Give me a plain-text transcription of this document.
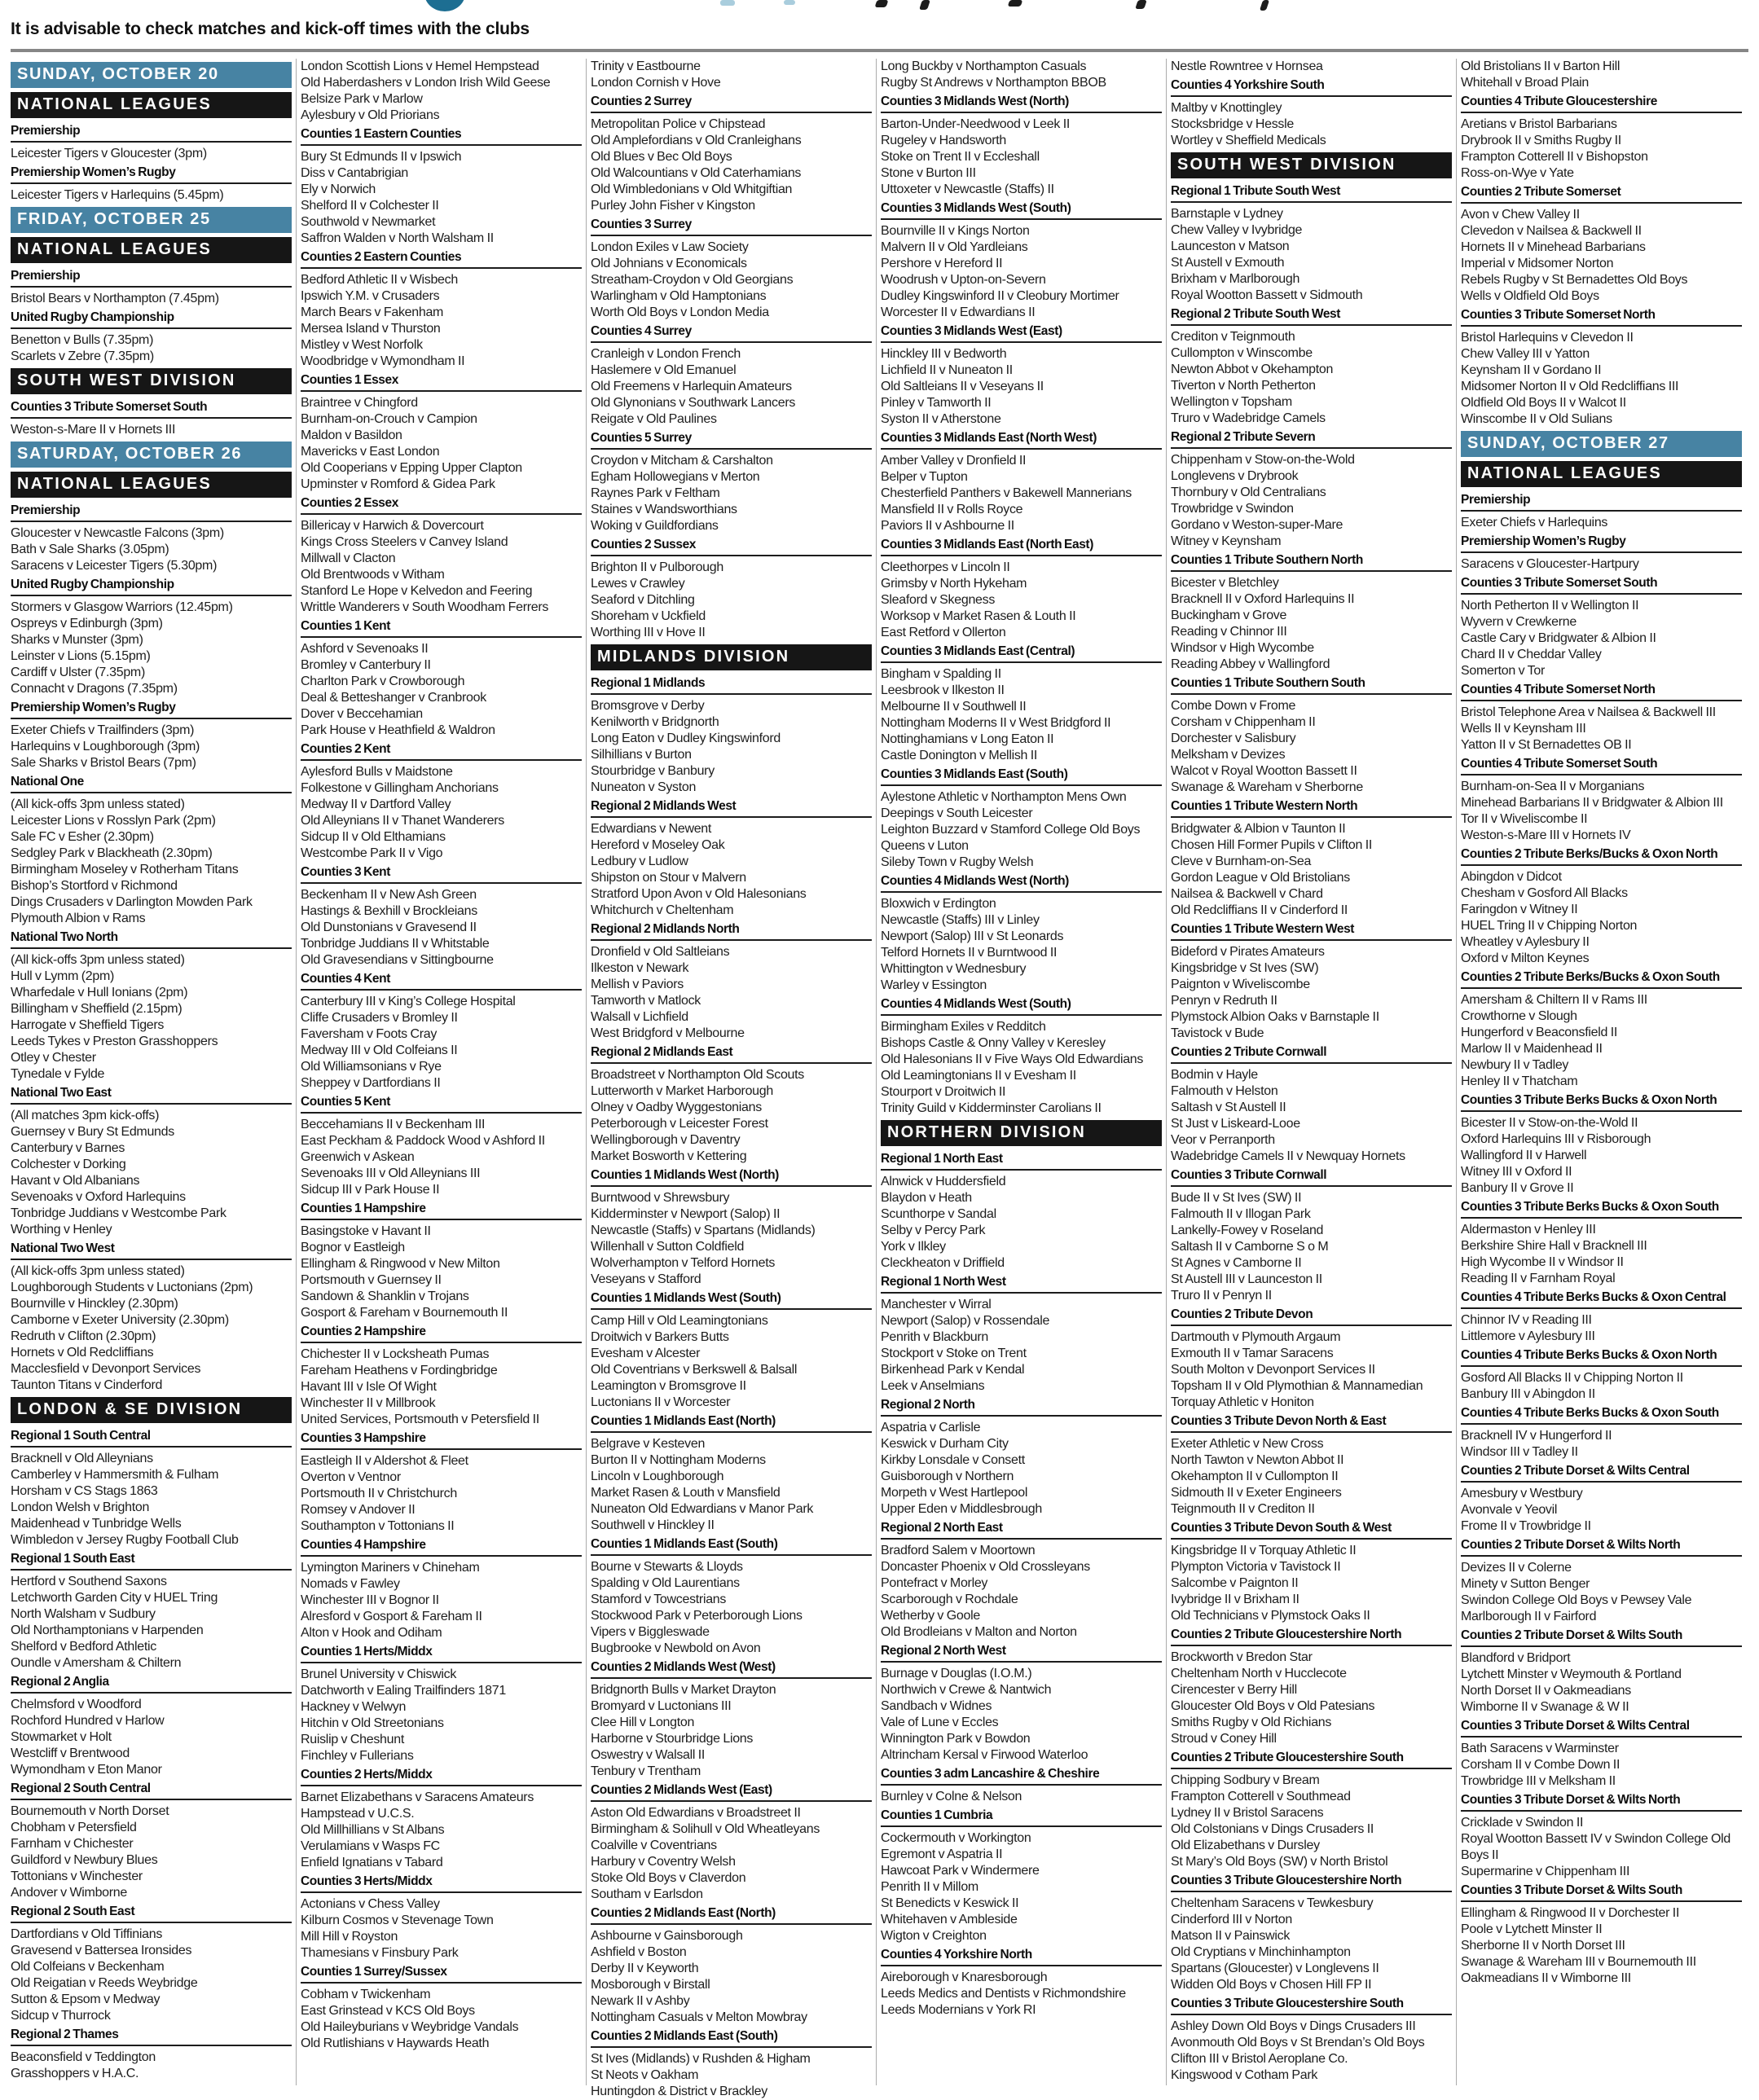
It is advisable to check matches and kick-off times with the clubs
SUNDAY, OCTOBER 20
NATIONAL LEAGUES
Premiership
Leicester Tigers v Gloucester (3pm)
Premiership Women’s Rugby
Leicester Tigers v Harlequins (5.45pm)
FRIDAY, OCTOBER 25
NATIONAL LEAGUES
Premiership
Bristol Bears v Northampton (7.45pm)
United Rugby Championship
Benetton v Bulls (7.35pm)
Scarlets v Zebre (7.35pm)
SOUTH WEST DIVISION
Counties 3 Tribute Somerset South
Weston-s-Mare II v Hornets III
SATURDAY, OCTOBER 26
NATIONAL LEAGUES
Premiership
Gloucester v Newcastle Falcons (3pm)
Bath v Sale Sharks (3.05pm)
Saracens v Leicester Tigers (5.30pm)
United Rugby Championship
Stormers v Glasgow Warriors (12.45pm)
Ospreys v Edinburgh (3pm)
Sharks v Munster (3pm)
Leinster v Lions (5.15pm)
Cardiff v Ulster (7.35pm)
Connacht v Dragons (7.35pm)
Premiership Women’s Rugby
Exeter Chiefs v Trailfinders (3pm)
Harlequins v Loughborough (3pm)
Sale Sharks v Bristol Bears (7pm)
National One
(All kick-offs 3pm unless stated)
Leicester Lions v Rosslyn Park (2pm)
Sale FC v Esher (2.30pm)
Sedgley Park v Blackheath (2.30pm)
Birmingham Moseley v Rotherham Titans
Bishop’s Stortford v Richmond
Dings Crusaders v Darlington Mowden Park
Plymouth Albion v Rams
National Two North
(All kick-offs 3pm unless stated)
Hull v Lymm (2pm)
Wharfedale v Hull Ionians (2pm)
Billingham v Sheffield (2.15pm)
Harrogate v Sheffield Tigers
Leeds Tykes v Preston Grasshoppers
Otley v Chester
Tynedale v Fylde
National Two East
(All matches 3pm kick-offs)
Guernsey v Bury St Edmunds
Canterbury v Barnes
Colchester v Dorking
Havant v Old Albanians
Sevenoaks v Oxford Harlequins
Tonbridge Juddians v Westcombe Park
Worthing v Henley
National Two West
(All kick-offs 3pm unless stated)
Loughborough Students v Luctonians (2pm)
Bournville v Hinckley (2.30pm)
Camborne v Exeter University (2.30pm)
Redruth v Clifton (2.30pm)
Hornets v Old Redcliffians
Macclesfield v Devonport Services
Taunton Titans v Cinderford
LONDON & SE DIVISION
Regional 1 South Central
Bracknell v Old Alleynians
Camberley v Hammersmith & Fulham
Horsham v CS Stags 1863
London Welsh v Brighton
Maidenhead v Tunbridge Wells
Wimbledon v Jersey Rugby Football Club
Regional 1 South East
Hertford v Southend Saxons
Letchworth Garden City v HUEL Tring
North Walsham v Sudbury
Old Northamptonians v Harpenden
Shelford v Bedford Athletic
Oundle v Amersham & Chiltern
Regional 2 Anglia
Chelmsford v Woodford
Rochford Hundred v Harlow
Stowmarket v Holt
Westcliff v Brentwood
Wymondham v Eton Manor
Regional 2 South Central
Bournemouth v North Dorset
Chobham v Petersfield
Farnham v Chichester
Guildford v Newbury Blues
Tottonians v Winchester
Andover v Wimborne
Regional 2 South East
Dartfordians v Old Tiffinians
Gravesend v Battersea Ironsides
Old Colfeians v Beckenham
Old Reigatian v Reeds Weybridge
Sutton & Epsom v Medway
Sidcup v Thurrock
Regional 2 Thames
Beaconsfield v Teddington
Grasshoppers v H.A.C.
London Scottish Lions v Hemel Hempstead
Old Haberdashers v London Irish Wild Geese
Belsize Park v Marlow
Aylesbury v Old Priorians
Counties 1 Eastern Counties
Bury St Edmunds II v Ipswich
Diss v Cantabrigian
Ely v Norwich
Shelford II v Colchester II
Southwold v Newmarket
Saffron Walden v North Walsham II
Counties 2 Eastern Counties
Bedford Athletic II v Wisbech
Ipswich Y.M. v Crusaders
March Bears v Fakenham
Mersea Island v Thurston
Mistley v West Norfolk
Woodbridge v Wymondham II
Counties 1 Essex
Braintree v Chingford
Burnham-on-Crouch v Campion
Maldon v Basildon
Mavericks v East London
Old Cooperians v Epping Upper Clapton
Upminster v Romford & Gidea Park
Counties 2 Essex
Billericay v Harwich & Dovercourt
Kings Cross Steelers v Canvey Island
Millwall v Clacton
Old Brentwoods v Witham
Stanford Le Hope v Kelvedon and Feering
Writtle Wanderers v South Woodham Ferrers
Counties 1 Kent
Ashford v Sevenoaks II
Bromley v Canterbury II
Charlton Park v Crowborough
Deal & Betteshanger v Cranbrook
Dover v Beccehamian
Park House v Heathfield & Waldron
Counties 2 Kent
Aylesford Bulls v Maidstone
Folkestone v Gillingham Anchorians
Medway II v Dartford Valley
Old Alleynians II v Thanet Wanderers
Sidcup II v Old Elthamians
Westcombe Park II v Vigo
Counties 3 Kent
Beckenham II v New Ash Green
Hastings & Bexhill v Brockleians
Old Dunstonians v Gravesend II
Tonbridge Juddians II v Whitstable
Old Gravesendians v Sittingbourne
Counties 4 Kent
Canterbury III v King’s College Hospital
Cliffe Crusaders v Bromley II
Faversham v Foots Cray
Medway III v Old Colfeians II
Old Williamsonians v Rye
Sheppey v Dartfordians II
Counties 5 Kent
Beccehamians II v Beckenham III
East Peckham & Paddock Wood v Ashford II
Greenwich v Askean
Sevenoaks III v Old Alleynians III
Sidcup III v Park House II
Counties 1 Hampshire
Basingstoke v Havant II
Bognor v Eastleigh
Ellingham & Ringwood v New Milton
Portsmouth v Guernsey II
Sandown & Shanklin v Trojans
Gosport & Fareham v Bournemouth II
Counties 2 Hampshire
Chichester II v Locksheath Pumas
Fareham Heathens v Fordingbridge
Havant III v Isle Of Wight
Winchester II v Millbrook
United Services, Portsmouth v Petersfield II
Counties 3 Hampshire
Eastleigh II v Aldershot & Fleet
Overton v Ventnor
Portsmouth II v Christchurch
Romsey v Andover II
Southampton v Tottonians II
Counties 4 Hampshire
Lymington Mariners v Chineham
Nomads v Fawley
Winchester III v Bognor II
Alresford v Gosport & Fareham II
Alton v Hook and Odiham
Counties 1 Herts/Middx
Brunel University v Chiswick
Datchworth v Ealing Trailfinders 1871
Hackney v Welwyn
Hitchin v Old Streetonians
Ruislip v Cheshunt
Finchley v Fullerians
Counties 2 Herts/Middx
Barnet Elizabethans v Saracens Amateurs
Hampstead v U.C.S.
Old Millhillians v St Albans
Verulamians v Wasps FC
Enfield Ignatians v Tabard
Counties 3 Herts/Middx
Actonians v Chess Valley
Kilburn Cosmos v Stevenage Town
Mill Hill v Royston
Thamesians v Finsbury Park
Counties 1 Surrey/Sussex
Cobham v Twickenham
East Grinstead v KCS Old Boys
Old Haileyburians v Weybridge Vandals
Old Rutlishians v Haywards Heath
Trinity v Eastbourne
London Cornish v Hove
Counties 2 Surrey
Metropolitan Police v Chipstead
Old Amplefordians v Old Cranleighans
Old Blues v Bec Old Boys
Old Walcountians v Old Caterhamians
Old Wimbledonians v Old Whitgiftian
Purley John Fisher v Kingston
Counties 3 Surrey
London Exiles v Law Society
Old Johnians v Economicals
Streatham-Croydon v Old Georgians
Warlingham v Old Hamptonians
Worth Old Boys v London Media
Counties 4 Surrey
Cranleigh v London French
Haslemere v Old Emanuel
Old Freemens v Harlequin Amateurs
Old Glynonians v Southwark Lancers
Reigate v Old Paulines
Counties 5 Surrey
Croydon v Mitcham & Carshalton
Egham Hollowegians v Merton
Raynes Park v Feltham
Staines v Wandsworthians
Woking v Guildfordians
Counties 2 Sussex
Brighton II v Pulborough
Lewes v Crawley
Seaford v Ditchling
Shoreham v Uckfield
Worthing III v Hove II
MIDLANDS DIVISION
Regional 1 Midlands
Bromsgrove v Derby
Kenilworth v Bridgnorth
Long Eaton v Dudley Kingswinford
Silhillians v Burton
Stourbridge v Banbury
Nuneaton v Syston
Regional 2 Midlands West
Edwardians v Newent
Hereford v Moseley Oak
Ledbury v Ludlow
Shipston on Stour v Malvern
Stratford Upon Avon v Old Halesonians
Whitchurch v Cheltenham
Regional 2 Midlands North
Dronfield v Old Saltleians
Ilkeston v Newark
Mellish v Paviors
Tamworth v Matlock
Walsall v Lichfield
West Bridgford v Melbourne
Regional 2 Midlands East
Broadstreet v Northampton Old Scouts
Lutterworth v Market Harborough
Olney v Oadby Wyggestonians
Peterborough v Leicester Forest
Wellingborough v Daventry
Market Bosworth v Kettering
Counties 1 Midlands West (North)
Burntwood v Shrewsbury
Kidderminster v Newport (Salop) II
Newcastle (Staffs) v Spartans (Midlands)
Willenhall v Sutton Coldfield
Wolverhampton v Telford Hornets
Veseyans v Stafford
Counties 1 Midlands West (South)
Camp Hill v Old Leamingtonians
Droitwich v Barkers Butts
Evesham v Alcester
Old Coventrians v Berkswell & Balsall
Leamington v Bromsgrove II
Luctonians II v Worcester
Counties 1 Midlands East (North)
Belgrave v Kesteven
Burton II v Nottingham Moderns
Lincoln v Loughborough
Market Rasen & Louth v Mansfield
Nuneaton Old Edwardians v Manor Park
Southwell v Hinckley II
Counties 1 Midlands East (South)
Bourne v Stewarts & Lloyds
Spalding v Old Laurentians
Stamford v Towcestrians
Stockwood Park v Peterborough Lions
Vipers v Biggleswade
Bugbrooke v Newbold on Avon
Counties 2 Midlands West (West)
Bridgnorth Bulls v Market Drayton
Bromyard v Luctonians III
Clee Hill v Longton
Harborne v Stourbridge Lions
Oswestry v Walsall II
Tenbury v Trentham
Counties 2 Midlands West (East)
Aston Old Edwardians v Broadstreet II
Birmingham & Solihull v Old Wheatleyans
Coalville v Coventrians
Harbury v Coventry Welsh
Stoke Old Boys v Claverdon
Southam v Earlsdon
Counties 2 Midlands East (North)
Ashbourne v Gainsborough
Ashfield v Boston
Derby II v Keyworth
Mosborough v Birstall
Newark II v Ashby
Nottingham Casuals v Melton Mowbray
Counties 2 Midlands East (South)
St Ives (Midlands) v Rushden & Higham
St Neots v Oakham
Huntingdon & District v Brackley
Long Buckby v Northampton Casuals
Rugby St Andrews v Northampton BBOB
Counties 3 Midlands West (North)
Barton-Under-Needwood v Leek II
Rugeley v Handsworth
Stoke on Trent II v Eccleshall
Stone v Burton III
Uttoxeter v Newcastle (Staffs) II
Counties 3 Midlands West (South)
Bournville II v Kings Norton
Malvern II v Old Yardleians
Pershore v Hereford II
Woodrush v Upton-on-Severn
Dudley Kingswinford II v Cleobury Mortimer
Worcester II v Edwardians II
Counties 3 Midlands West (East)
Hinckley III v Bedworth
Lichfield II v Nuneaton II
Old Saltleians II v Veseyans II
Pinley v Tamworth II
Syston II v Atherstone
Counties 3 Midlands East (North West)
Amber Valley v Dronfield II
Belper v Tupton
Chesterfield Panthers v Bakewell Mannerians
Mansfield II v Rolls Royce
Paviors II v Ashbourne II
Counties 3 Midlands East (North East)
Cleethorpes v Lincoln II
Grimsby v North Hykeham
Sleaford v Skegness
Worksop v Market Rasen & Louth II
East Retford v Ollerton
Counties 3 Midlands East (Central)
Bingham v Spalding II
Leesbrook v Ilkeston II
Melbourne II v Southwell II
Nottingham Moderns II v West Bridgford II
Nottinghamians v Long Eaton II
Castle Donington v Mellish II
Counties 3 Midlands East (South)
Aylestone Athletic v Northampton Mens Own
Deepings v South Leicester
Leighton Buzzard v Stamford College Old Boys
Queens v Luton
Sileby Town v Rugby Welsh
Counties 4 Midlands West (North)
Bloxwich v Erdington
Newcastle (Staffs) III v Linley
Newport (Salop) III v St Leonards
Telford Hornets II v Burntwood II
Whittington v Wednesbury
Warley v Essington
Counties 4 Midlands West (South)
Birmingham Exiles v Redditch
Bishops Castle & Onny Valley v Keresley
Old Halesonians II v Five Ways Old Edwardians
Old Leamingtonians II v Evesham II
Stourport v Droitwich II
Trinity Guild v Kidderminster Carolians II
NORTHERN DIVISION
Regional 1 North East
Alnwick v Huddersfield
Blaydon v Heath
Scunthorpe v Sandal
Selby v Percy Park
York v Ilkley
Cleckheaton v Driffield
Regional 1 North West
Manchester v Wirral
Newport (Salop) v Rossendale
Penrith v Blackburn
Stockport v Stoke on Trent
Birkenhead Park v Kendal
Leek v Anselmians
Regional 2 North
Aspatria v Carlisle
Keswick v Durham City
Kirkby Lonsdale v Consett
Guisborough v Northern
Morpeth v West Hartlepool
Upper Eden v Middlesbrough
Regional 2 North East
Bradford Salem v Moortown
Doncaster Phoenix v Old Crossleyans
Pontefract v Morley
Scarborough v Rochdale
Wetherby v Goole
Old Brodleians v Malton and Norton
Regional 2 North West
Burnage v Douglas (I.O.M.)
Northwich v Crewe & Nantwich
Sandbach v Widnes
Vale of Lune v Eccles
Winnington Park v Bowdon
Altrincham Kersal v Firwood Waterloo
Counties 3 adm Lancashire & Cheshire
Burnley v Colne & Nelson
Counties 1 Cumbria
Cockermouth v Workington
Egremont v Aspatria II
Hawcoat Park v Windermere
Penrith II v Millom
St Benedicts v Keswick II
Whitehaven v Ambleside
Wigton v Creighton
Counties 4 Yorkshire North
Aireborough v Knaresborough
Leeds Medics and Dentists v Richmondshire
Leeds Modernians v York RI
Nestle Rowntree v Hornsea
Counties 4 Yorkshire South
Maltby v Knottingley
Stocksbridge v Hessle
Wortley v Sheffield Medicals
SOUTH WEST DIVISION
Regional 1 Tribute South West
Barnstaple v Lydney
Chew Valley v Ivybridge
Launceston v Matson
St Austell v Exmouth
Brixham v Marlborough
Royal Wootton Bassett v Sidmouth
Regional 2 Tribute South West
Crediton v Teignmouth
Cullompton v Winscombe
Newton Abbot v Okehampton
Tiverton v North Petherton
Wellington v Topsham
Truro v Wadebridge Camels
Regional 2 Tribute Severn
Chippenham v Stow-on-the-Wold
Longlevens v Drybrook
Thornbury v Old Centralians
Trowbridge v Swindon
Gordano v Weston-super-Mare
Witney v Keynsham
Counties 1 Tribute Southern North
Bicester v Bletchley
Bracknell II v Oxford Harlequins II
Buckingham v Grove
Reading v Chinnor III
Windsor v High Wycombe
Reading Abbey v Wallingford
Counties 1 Tribute Southern South
Combe Down v Frome
Corsham v Chippenham II
Dorchester v Salisbury
Melksham v Devizes
Walcot v Royal Wootton Bassett II
Swanage & Wareham v Sherborne
Counties 1 Tribute Western North
Bridgwater & Albion v Taunton II
Chosen Hill Former Pupils v Clifton II
Cleve v Burnham-on-Sea
Gordon League v Old Bristolians
Nailsea & Backwell v Chard
Old Redcliffians II v Cinderford II
Counties 1 Tribute Western West
Bideford v Pirates Amateurs
Kingsbridge v St Ives (SW)
Paignton v Wiveliscombe
Penryn v Redruth II
Plymstock Albion Oaks v Barnstaple II
Tavistock v Bude
Counties 2 Tribute Cornwall
Bodmin v Hayle
Falmouth v Helston
Saltash v St Austell II
St Just v Liskeard-Looe
Veor v Perranporth
Wadebridge Camels II v Newquay Hornets
Counties 3 Tribute Cornwall
Bude II v St Ives (SW) II
Falmouth II v Illogan Park
Lankelly-Fowey v Roseland
Saltash II v Camborne S o M
St Agnes v Camborne II
St Austell III v Launceston II
Truro II v Penryn II
Counties 2 Tribute Devon
Dartmouth v Plymouth Argaum
Exmouth II v Tamar Saracens
South Molton v Devonport Services II
Topsham II v Old Plymothian & Mannamedian
Torquay Athletic v Honiton
Counties 3 Tribute Devon North & East
Exeter Athletic v New Cross
North Tawton v Newton Abbot II
Okehampton II v Cullompton II
Sidmouth II v Exeter Engineers
Teignmouth II v Crediton II
Counties 3 Tribute Devon South & West
Kingsbridge II v Torquay Athletic II
Plympton Victoria v Tavistock II
Salcombe v Paignton II
Ivybridge II v Brixham II
Old Technicians v Plymstock Oaks II
Counties 2 Tribute Gloucestershire North
Brockworth v Bredon Star
Cheltenham North v Hucclecote
Cirencester v Berry Hill
Gloucester Old Boys v Old Patesians
Smiths Rugby v Old Richians
Stroud v Coney Hill
Counties 2 Tribute Gloucestershire South
Chipping Sodbury v Bream
Frampton Cotterell v Southmead
Lydney II v Bristol Saracens
Old Colstonians v Dings Crusaders II
Old Elizabethans v Dursley
St Mary’s Old Boys (SW) v North Bristol
Counties 3 Tribute Gloucestershire North
Cheltenham Saracens v Tewkesbury
Cinderford III v Norton
Matson II v Painswick
Old Cryptians v Minchinhampton
Spartans (Gloucester) v Longlevens II
Widden Old Boys v Chosen Hill FP II
Counties 3 Tribute Gloucestershire South
Ashley Down Old Boys v Dings Crusaders III
Avonmouth Old Boys v St Brendan’s Old Boys
Clifton III v Bristol Aeroplane Co.
Kingswood v Cotham Park
Old Bristolians II v Barton Hill
Whitehall v Broad Plain
Counties 4 Tribute Gloucestershire
Aretians v Bristol Barbarians
Drybrook II v Smiths Rugby II
Frampton Cotterell II v Bishopston
Ross-on-Wye v Yate
Counties 2 Tribute Somerset
Avon v Chew Valley II
Clevedon v Nailsea & Backwell II
Hornets II v Minehead Barbarians
Imperial v Midsomer Norton
Rebels Rugby v St Bernadettes Old Boys
Wells v Oldfield Old Boys
Counties 3 Tribute Somerset North
Bristol Harlequins v Clevedon II
Chew Valley III v Yatton
Keynsham II v Gordano II
Midsomer Norton II v Old Redcliffians III
Oldfield Old Boys II v Walcot II
Winscombe II v Old Sulians
SUNDAY, OCTOBER 27
NATIONAL LEAGUES
Premiership
Exeter Chiefs v Harlequins
Premiership Women’s Rugby
Saracens v Gloucester-Hartpury
Counties 3 Tribute Somerset South
North Petherton II v Wellington II
Wyvern v Crewkerne
Castle Cary v Bridgwater & Albion II
Chard II v Cheddar Valley
Somerton v Tor
Counties 4 Tribute Somerset North
Bristol Telephone Area v Nailsea & Backwell III
Wells II v Keynsham III
Yatton II v St Bernadettes OB II
Counties 4 Tribute Somerset South
Burnham-on-Sea II v Morganians
Minehead Barbarians II v Bridgwater & Albion III
Tor II v Wiveliscombe II
Weston-s-Mare III v Hornets IV
Counties 2 Tribute Berks/Bucks & Oxon North
Abingdon v Didcot
Chesham v Gosford All Blacks
Faringdon v Witney II
HUEL Tring II v Chipping Norton
Wheatley v Aylesbury II
Oxford v Milton Keynes
Counties 2 Tribute Berks/Bucks & Oxon South
Amersham & Chiltern II v Rams III
Crowthorne v Slough
Hungerford v Beaconsfield II
Marlow II v Maidenhead II
Newbury II v Tadley
Henley II v Thatcham
Counties 3 Tribute Berks Bucks & Oxon North
Bicester II v Stow-on-the-Wold II
Oxford Harlequins III v Risborough
Wallingford II v Harwell
Witney III v Oxford II
Banbury II v Grove II
Counties 3 Tribute Berks Bucks & Oxon South
Aldermaston v Henley III
Berkshire Shire Hall v Bracknell III
High Wycombe II v Windsor II
Reading II v Farnham Royal
Counties 4 Tribute Berks Bucks & Oxon Central
Chinnor IV v Reading III
Littlemore v Aylesbury III
Counties 4 Tribute Berks Bucks & Oxon North
Gosford All Blacks II v Chipping Norton II
Banbury III v Abingdon II
Counties 4 Tribute Berks Bucks & Oxon South
Bracknell IV v Hungerford II
Windsor III v Tadley II
Counties 2 Tribute Dorset & Wilts Central
Amesbury v Westbury
Avonvale v Yeovil
Frome II v Trowbridge II
Counties 2 Tribute Dorset & Wilts North
Devizes II v Colerne
Minety v Sutton Benger
Swindon College Old Boys v Pewsey Vale
Marlborough II v Fairford
Counties 2 Tribute Dorset & Wilts South
Blandford v Bridport
Lytchett Minster v Weymouth & Portland
North Dorset II v Oakmeadians
Wimborne II v Swanage & W II
Counties 3 Tribute Dorset & Wilts Central
Bath Saracens v Warminster
Corsham II v Combe Down II
Trowbridge III v Melksham II
Counties 3 Tribute Dorset & Wilts North
Cricklade v Swindon II
Royal Wootton Bassett IV v Swindon College Old Boys II
Supermarine v Chippenham III
Counties 3 Tribute Dorset & Wilts South
Ellingham & Ringwood II v Dorchester II
Poole v Lytchett Minster II
Sherborne II v North Dorset III
Swanage & Wareham III v Bournemouth III
Oakmeadians II v Wimborne III
